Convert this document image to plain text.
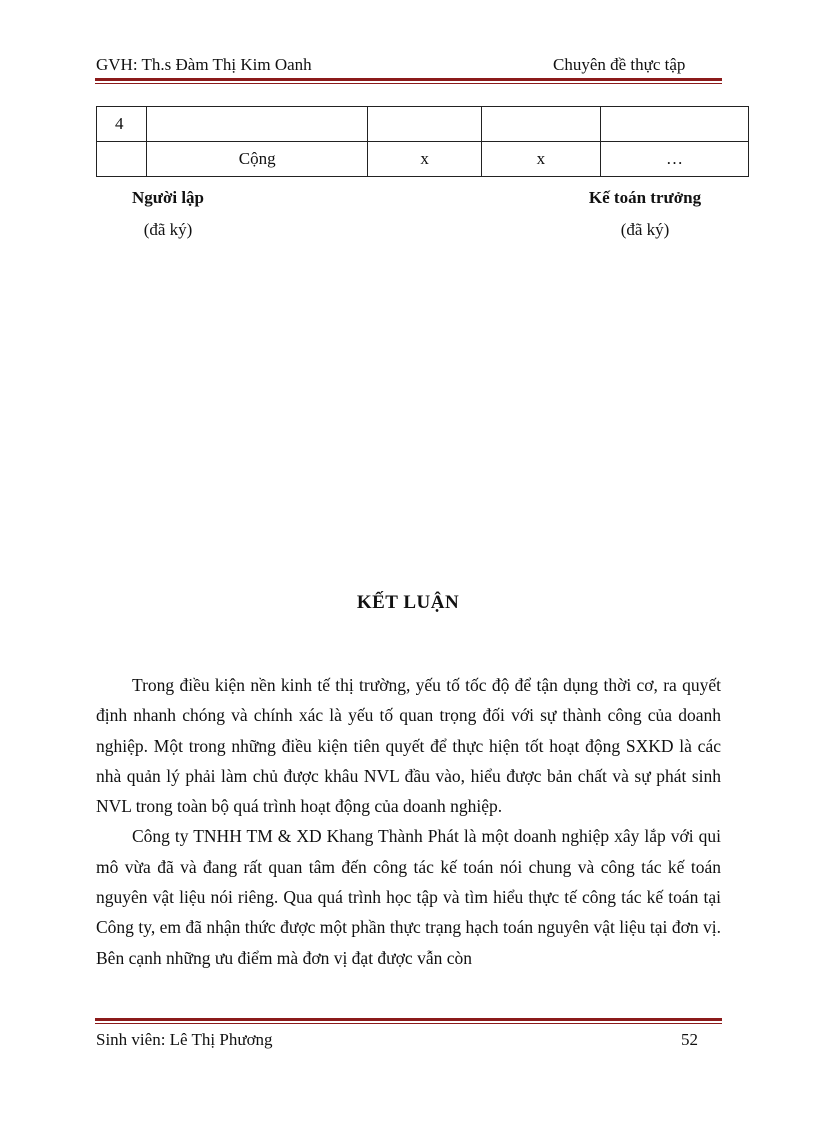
GVH: Th.s Đàm Thị Kim Oanh	Chuyên đề thực tập
4				
	Cộng	x	x	…
Người lập
(đã ký)
Kế toán trưởng
(đã ký)
KẾT LUẬN

Trong điều kiện nền kinh tế thị trường, yếu tố tốc độ để tận dụng thời cơ, ra quyết định nhanh chóng và chính xác là yếu tố quan trọng đối với sự thành công của doanh nghiệp. Một trong những điều kiện tiên quyết để thực hiện tốt hoạt động SXKD là các nhà quản lý phải làm chủ được khâu NVL đầu vào, hiểu được bản chất và sự phát sinh NVL trong toàn bộ quá trình hoạt động của doanh nghiệp.

Công ty TNHH TM & XD Khang Thành Phát là một doanh nghiệp xây lắp với qui mô vừa đã và đang rất quan tâm đến công tác kế toán nói chung và công tác kế toán nguyên vật liệu nói riêng. Qua quá trình học tập và tìm hiểu thực tế công tác kế toán tại Công ty, em đã nhận thức được một phần thực trạng hạch toán nguyên vật liệu tại đơn vị. Bên cạnh những ưu điểm mà đơn vị đạt được vẫn còn

Sinh viên: Lê Thị Phương	52
